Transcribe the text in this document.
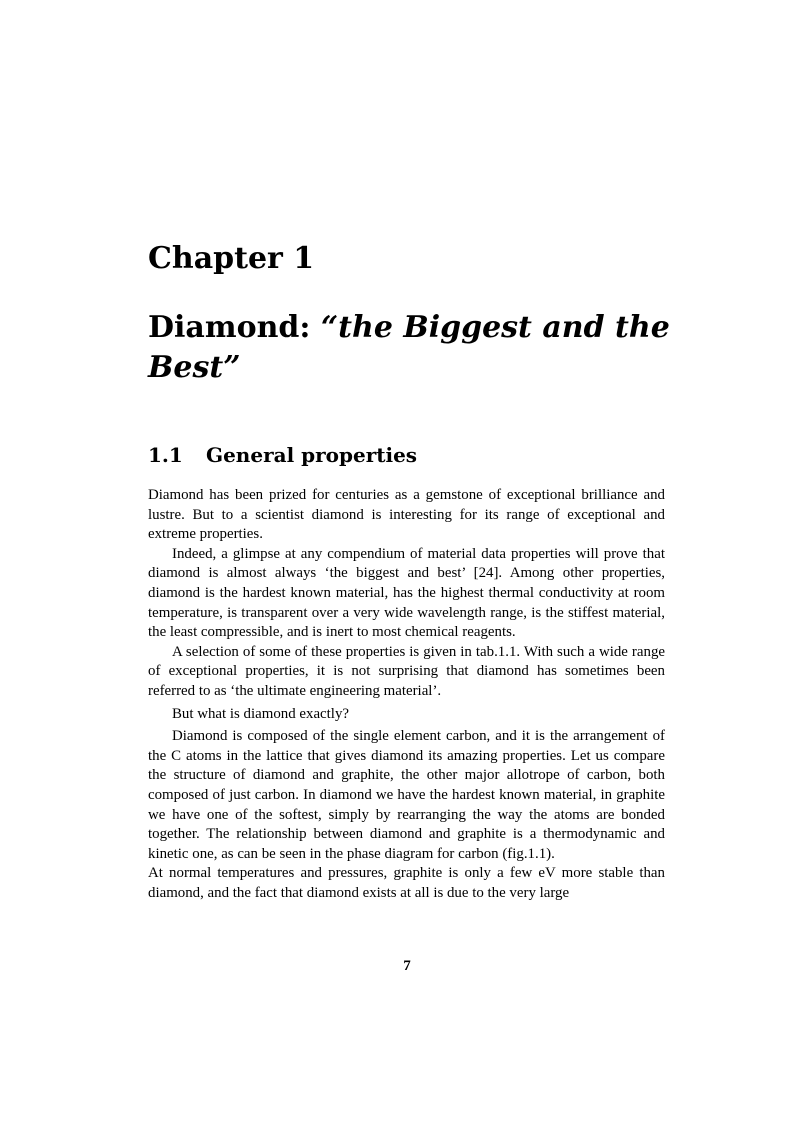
Chapter 1
Diamond: “the Biggest and the Best”
1.1 General properties

Diamond has been prized for centuries as a gemstone of exceptional brilliance and lustre. But to a scientist diamond is interesting for its range of exceptional and extreme properties.

Indeed, a glimpse at any compendium of material data properties will prove that diamond is almost always ‘the biggest and best’ [24]. Among other properties, diamond is the hardest known material, has the highest thermal conductivity at room temperature, is transparent over a very wide wavelength range, is the stiffest material, the least compressible, and is inert to most chemical reagents.

A selection of some of these properties is given in tab.1.1. With such a wide range of exceptional properties, it is not surprising that diamond has sometimes been referred to as ‘the ultimate engineering material’.

But what is diamond exactly?

Diamond is composed of the single element carbon, and it is the arrangement of the C atoms in the lattice that gives diamond its amazing properties. Let us compare the structure of diamond and graphite, the other major allotrope of carbon, both composed of just carbon. In diamond we have the hardest known material, in graphite we have one of the softest, simply by rearranging the way the atoms are bonded together. The relationship between diamond and graphite is a thermodynamic and kinetic one, as can be seen in the phase diagram for carbon (fig.1.1).

At normal temperatures and pressures, graphite is only a few eV more stable than diamond, and the fact that diamond exists at all is due to the very large

7
